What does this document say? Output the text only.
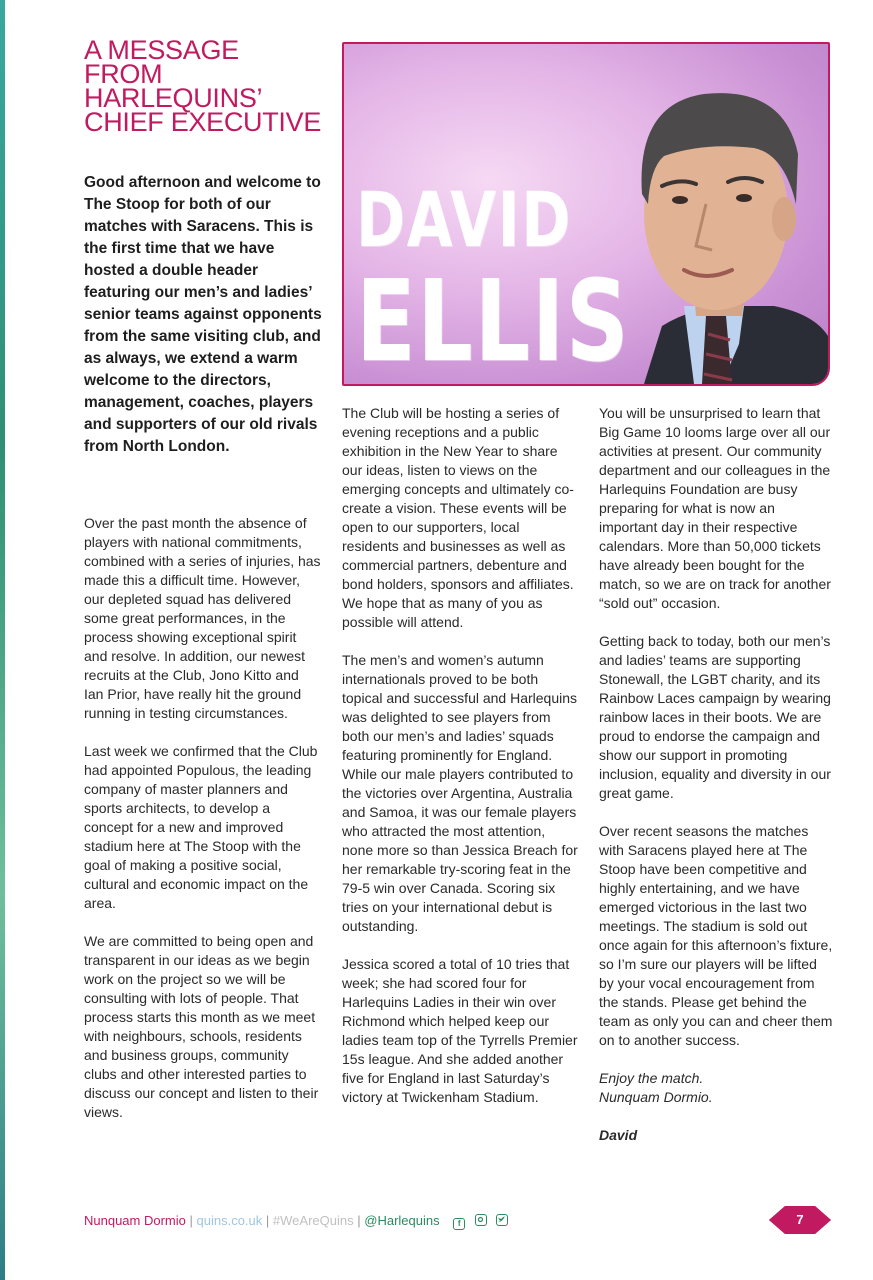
A MESSAGE
FROM
HARLEQUINS’
CHIEF EXECUTIVE

Good afternoon and welcome to The Stoop for both of our matches with Saracens. This is the first time that we have hosted a double header featuring our men’s and ladies’ senior teams against opponents from the same visiting club, and as always, we extend a warm welcome to the directors, management, coaches, players and supporters of our old rivals from North London.

DAVID
ELLIS

Over the past month the absence of players with national commitments, combined with a series of injuries, has made this a difficult time. However, our depleted squad has delivered some great performances, in the process showing exceptional spirit and resolve. In addition, our newest recruits at the Club, Jono Kitto and Ian Prior, have really hit the ground running in testing circumstances.

Last week we confirmed that the Club had appointed Populous, the leading company of master planners and sports architects, to develop a concept for a new and improved stadium here at The Stoop with the goal of making a positive social, cultural and economic impact on the area.

We are committed to being open and transparent in our ideas as we begin work on the project so we will be consulting with lots of people. That process starts this month as we meet with neighbours, schools, residents and business groups, community clubs and other interested parties to discuss our concept and listen to their views.

The Club will be hosting a series of evening receptions and a public exhibition in the New Year to share our ideas, listen to views on the emerging concepts and ultimately co-create a vision. These events will be open to our supporters, local residents and businesses as well as commercial partners, debenture and bond holders, sponsors and affiliates. We hope that as many of you as possible will attend.

The men’s and women’s autumn internationals proved to be both topical and successful and Harlequins was delighted to see players from both our men’s and ladies’ squads featuring prominently for England. While our male players contributed to the victories over Argentina, Australia and Samoa, it was our female players who attracted the most attention, none more so than Jessica Breach for her remarkable try-scoring feat in the 79-5 win over Canada. Scoring six tries on your international debut is outstanding.

Jessica scored a total of 10 tries that week; she had scored four for Harlequins Ladies in their win over Richmond which helped keep our ladies team top of the Tyrrells Premier 15s league. And she added another five for England in last Saturday’s victory at Twickenham Stadium.

You will be unsurprised to learn that Big Game 10 looms large over all our activities at present. Our community department and our colleagues in the Harlequins Foundation are busy preparing for what is now an important day in their respective calendars. More than 50,000 tickets have already been bought for the match, so we are on track for another “sold out” occasion.

Getting back to today, both our men’s and ladies’ teams are supporting Stonewall, the LGBT charity, and its Rainbow Laces campaign by wearing rainbow laces in their boots. We are proud to endorse the campaign and show our support in promoting inclusion, equality and diversity in our great game.

Over recent seasons the matches with Saracens played here at The Stoop have been competitive and highly entertaining, and we have emerged victorious in the last two meetings. The stadium is sold out once again for this afternoon’s fixture, so I’m sure our players will be lifted by your vocal encouragement from the stands. Please get behind the team as only you can and cheer them on to another success.

Enjoy the match.
Nunquam Dormio.

David

Nunquam Dormio | quins.co.uk | #WeAreQuins | @Harlequins f
	7
